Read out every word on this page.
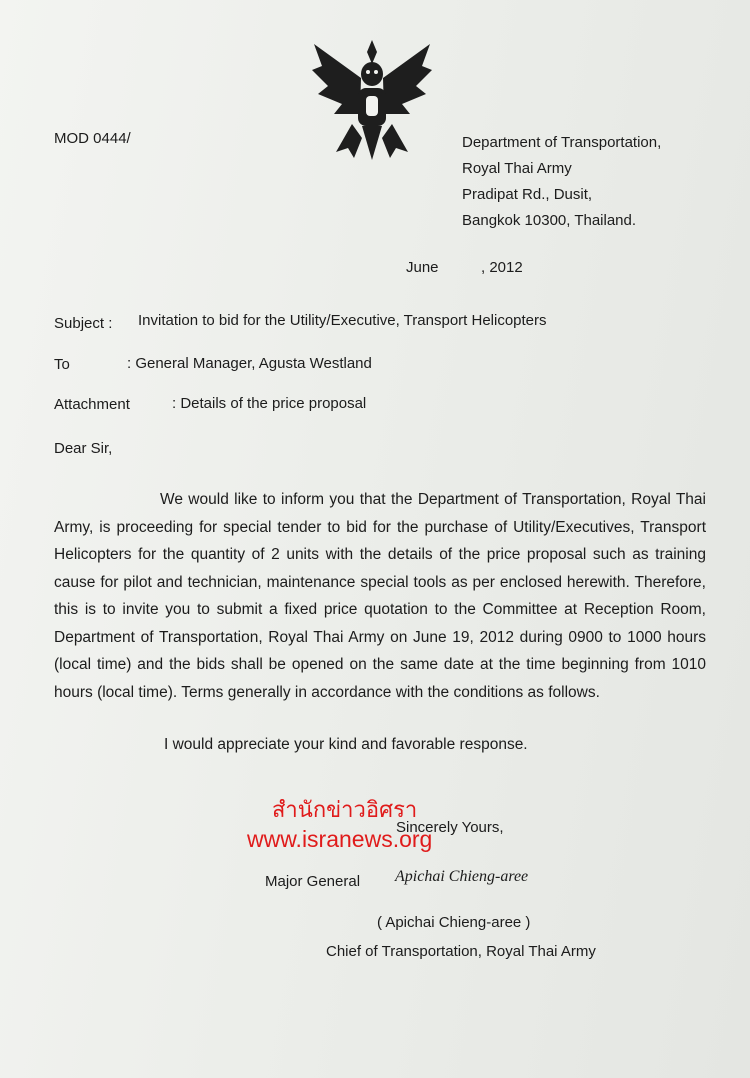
MOD 0444/	Department of Transportation,
Royal Thai Army
Pradipat Rd., Dusit,
Bangkok 10300, Thailand.
June	, 2012
Subject : Invitation to bid for the Utility/Executive, Transport Helicopters
To	: General Manager, Agusta Westland
Attachment	: Details of the price proposal
Dear Sir,

We would like to inform you that the Department of Transportation, Royal Thai Army, is proceeding for special tender to bid for the purchase of Utility/Executives, Transport Helicopters for the quantity of 2 units with the details of the price proposal such as training cause for pilot and technician, maintenance special tools as per enclosed herewith. Therefore, this is to invite you to submit a fixed price quotation to the Committee at Reception Room, Department of Transportation, Royal Thai Army on June 19, 2012 during 0900 to 1000 hours (local time) and the bids shall be opened on the same date at the time beginning from 1010 hours (local time). Terms generally in accordance with the conditions as follows.

I would appreciate your kind and favorable response.
Sincerely Yours,
สำนักข่าวอิศรา
www.isranews.org
Major General Apichai Chieng-aree
( Apichai Chieng-aree )
Chief of Transportation, Royal Thai Army
